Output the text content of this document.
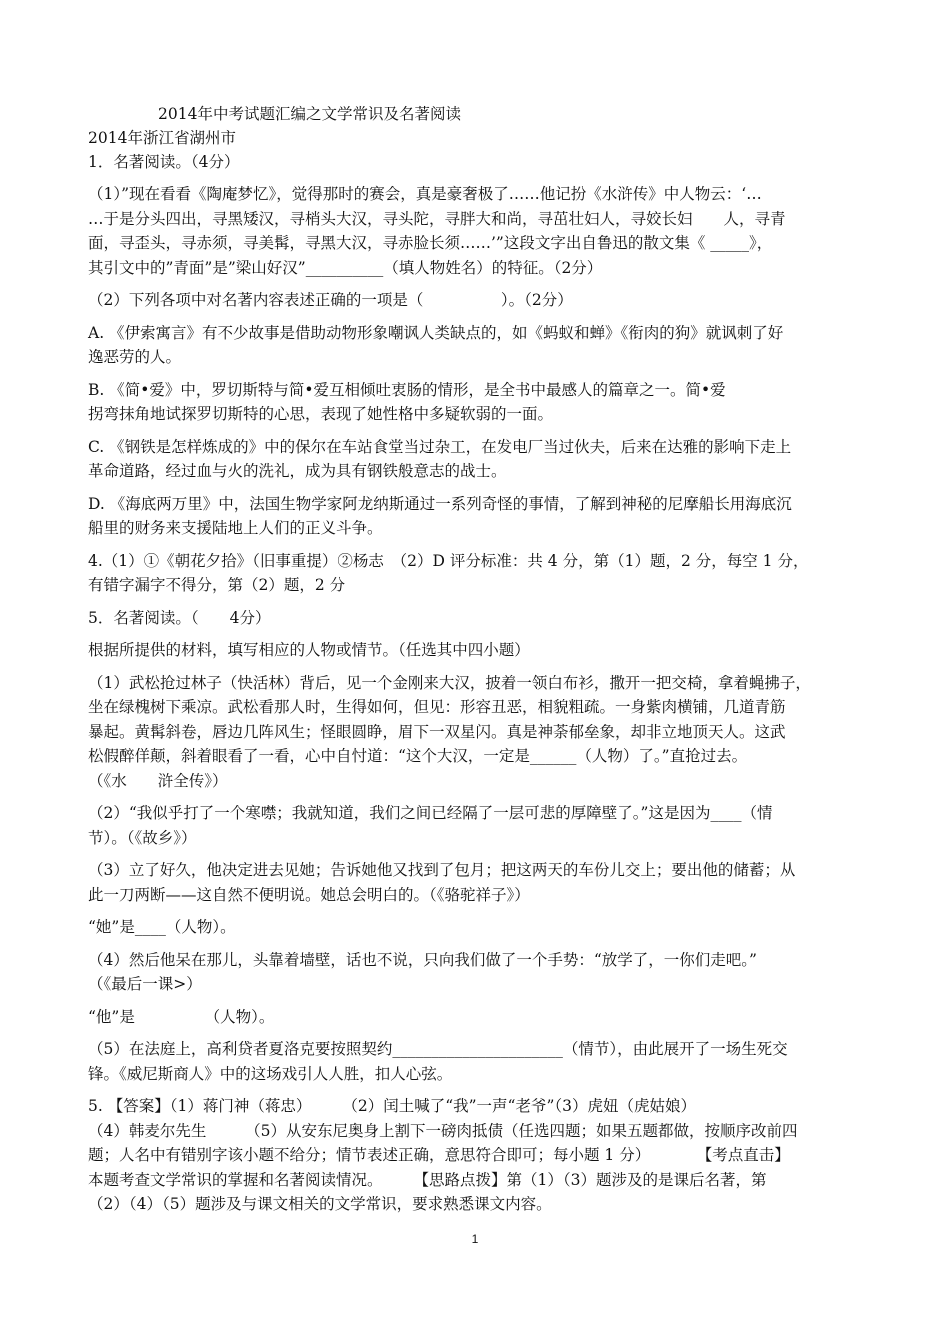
2014年中考试题汇编之文学常识及名著阅读

2014年浙江省湖州市

1．名著阅读。（4分）

（1）”现在看看《陶庵梦忆》，觉得那时的赛会，真是豪奢极了……他记扮《水浒传》中人物云：‘…
…于是分头四出，寻黑矮汉，寻梢头大汉，寻头陀，寻胖大和尚，寻茁壮妇人，寻姣长妇　　人，寻青
面，寻歪头，寻赤须，寻美髯，寻黑大汉，寻赤脸长须……’”这段文字出自鲁迅的散文集《 _____》，
其引文中的”青面”是”梁山好汉”__________（填人物姓名）的特征。（2分）

（2）下列各项中对名著内容表述正确的一项是（　　　　　）。（2分）

A. 《伊索寓言》有不少故事是借助动物形象嘲讽人类缺点的，如《蚂蚁和蝉》《衔肉的狗》就讽刺了好
逸恶劳的人。
B. 《简•爱》中，罗切斯特与简•爱互相倾吐衷肠的情形，是全书中最感人的篇章之一。简•爱
拐弯抹角地试探罗切斯特的心思，表现了她性格中多疑软弱的一面。
C. 《钢铁是怎样炼成的》中的保尔在车站食堂当过杂工，在发电厂当过伙夫，后来在达雅的影响下走上
革命道路，经过血与火的洗礼，成为具有钢铁般意志的战士。
D. 《海底两万里》中，法国生物学家阿龙纳斯通过一系列奇怪的事情，了解到神秘的尼摩船长用海底沉
船里的财务来支援陆地上人们的正义斗争。
4.（1）①《朝花夕拾》（旧事重提）②杨志　（2）D 评分标准：共 4 分，第（1）题，2 分，每空 1 分，
有错字漏字不得分，第（2）题，2 分

5．名著阅读。（　　4分）

根据所提供的材料，填写相应的人物或情节。（任选其中四小题）

（1）武松抢过林子（快活林）背后，见一个金刚来大汉，披着一领白布衫，撒开一把交椅，拿着蝇拂子，
坐在绿槐树下乘凉。武松看那人时，生得如何，但见：形容丑恶，相貌粗疏。一身紫肉横铺，几道青筋
暴起。黄髯斜卷，唇边几阵风生；怪眼圆睁，眉下一双星闪。真是神荼郁垒象，却非立地顶天人。这武
松假醉佯颠，斜着眼看了一看，心中自忖道：“这个大汉，一定是______（人物）了。”直抢过去。
（《水　　浒全传》）
（2）“我似乎打了一个寒噤；我就知道，我们之间已经隔了一层可悲的厚障壁了。”这是因为____（情
节）。（《故乡》）
（3）立了好久，他决定进去见她；告诉她他又找到了包月；把这两天的车份儿交上；要出他的储蓄；从
此一刀两断——这自然不便明说。她总会明白的。（《骆驼祥子》）

“她”是____（人物）。

（4）然后他呆在那儿，头靠着墙壁，话也不说，只向我们做了一个手势：“放学了，一你们走吧。”
（《最后一课>）

“他”是　　　　　（人物）。

（5）在法庭上，高利贷者夏洛克要按照契约______________________（情节），由此展开了一场生死交
锋。《威尼斯商人》中的这场戏引人人胜，扣人心弦。
5. 【答案】（1）蒋门神（蒋忠）　　　（2）闰土喊了“我”一声“老爷”（3）虎妞（虎姑娘）
（4）韩麦尔先生　　　（5）从安东尼奥身上割下一磅肉抵债（任选四题；如果五题都做，按顺序改前四
题；人名中有错别字该小题不给分；情节表述正确，意思符合即可；每小题 1 分）　　　　【考点直击】
本题考查文学常识的掌握和名著阅读情况。　　　【思路点拨】第（1）（3）题涉及的是课后名著，第
（2）（4）（5）题涉及与课文相关的文学常识，要求熟悉课文内容。
1
